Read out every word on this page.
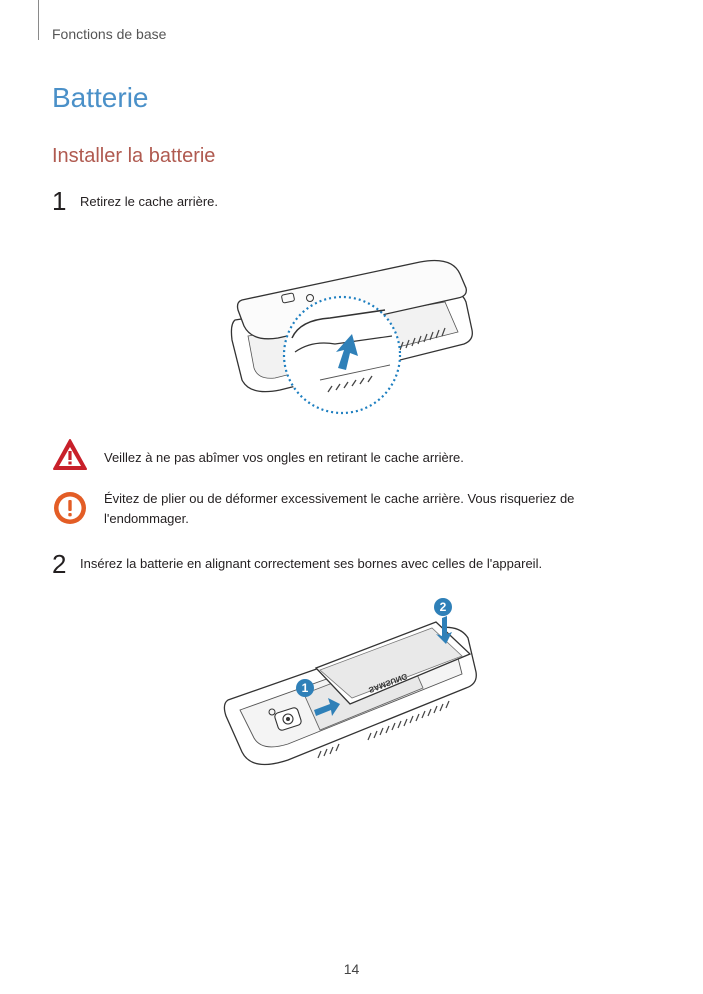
Fonctions de base
Batterie
Installer la batterie
1 Retirez le cache arrière.
Veillez à ne pas abîmer vos ongles en retirant le cache arrière.
Évitez de plier ou de déformer excessivement le cache arrière. Vous risqueriez de l'endommager.
2 Insérez la batterie en alignant correctement ses bornes avec celles de l'appareil.
SAMSUNG
2
1
14
